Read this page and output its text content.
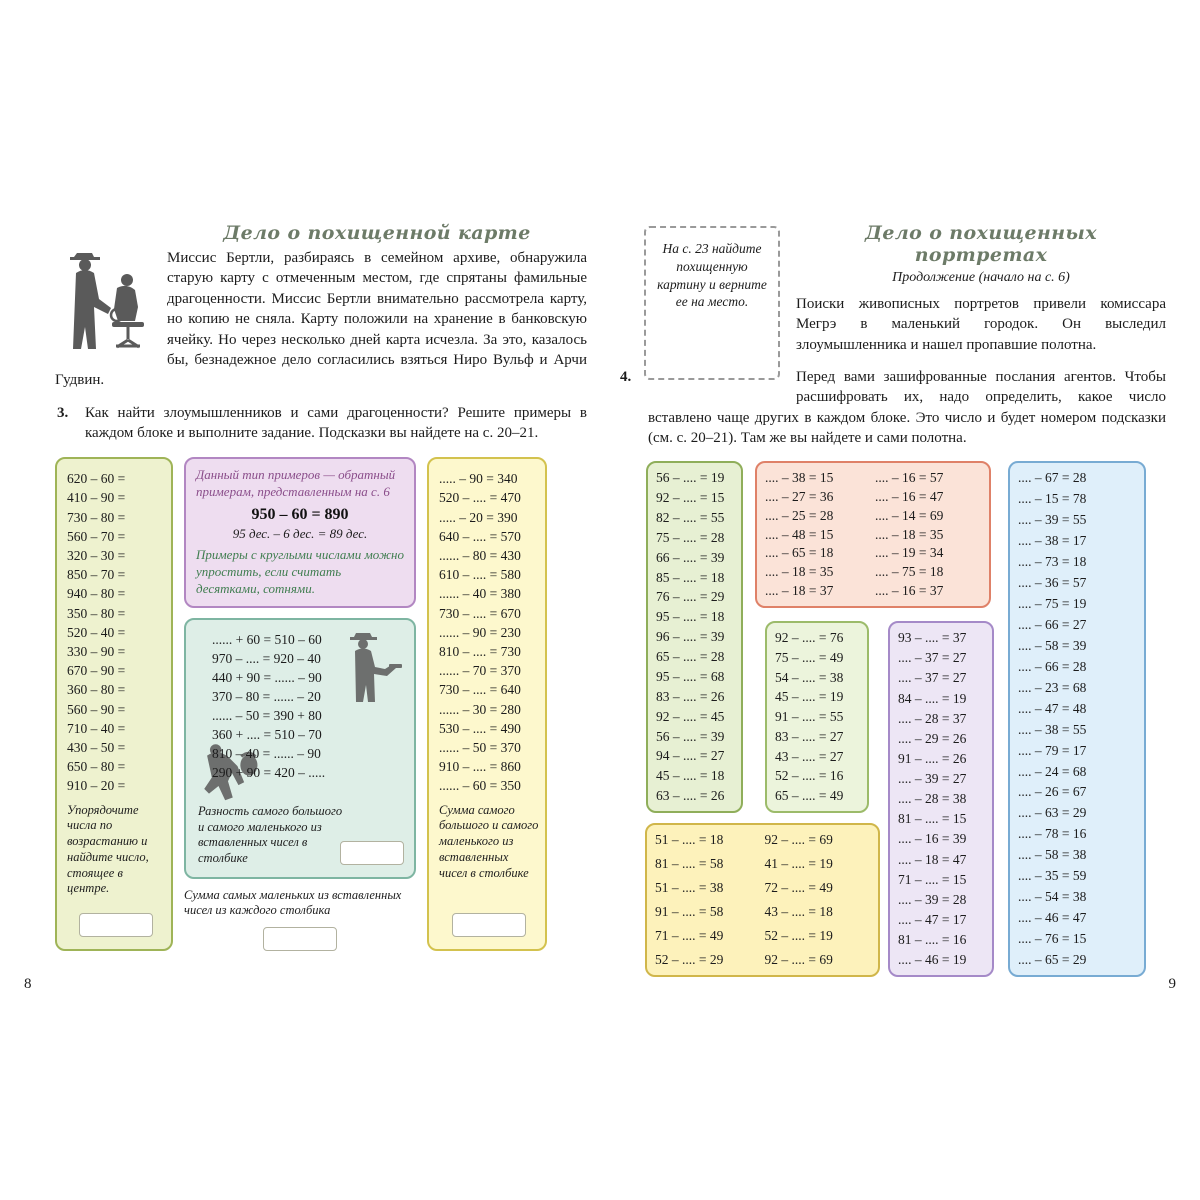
Дело о похищенной карте

Миссис Бертли, разбираясь в семейном архиве, обнаружила старую карту с отмеченным местом, где спрятаны фамильные драгоценности. Миссис Бертли внимательно рассмотрела карту, но копию не сняла. Карту положили на хранение в банковскую ячейку. Но через несколько дней карта исчезла. За это, казалось бы, безнадежное дело согласились взяться Ниро Вульф и Арчи Гудвин.

3. Как найти злоумышленников и сами драгоценности? Решите примеры в каждом блоке и выполните задание. Подсказки вы найдете на с. 20–21.
620 – 60 =
410 – 90 =
730 – 80 =
560 – 70 =
320 – 30 =
850 – 70 =
940 – 80 =
350 – 80 =
520 – 40 =
330 – 90 =
670 – 90 =
360 – 80 =
560 – 90 =
710 – 40 =
430 – 50 =
650 – 80 =
910 – 20 =
Упорядочите числа по возрастанию и найдите число, стоящее в центре.
Данный тип примеров — обратный примерам, представленным на с. 6
950 – 60 = 890
95 дес. – 6 дес. = 89 дес.
Примеры с круглыми числами можно упростить, если считать десятками, сотнями.
...... + 60 = 510 – 60
970 – .... = 920 – 40
440 + 90 = ...... – 90
370 – 80 = ...... – 20
...... – 50 = 390 + 80
360 + .... = 510 – 70
810 – 40 = ...... – 90
290 + 90 = 420 – .....
Разность самого большого и самого маленького из вставленных чисел в столбике
Сумма самых маленьких из вставленных чисел из каждого столбика
..... – 90 = 340
520 – .... = 470
..... – 20 = 390
640 – .... = 570
...... – 80 = 430
610 – .... = 580
...... – 40 = 380
730 – .... = 670
...... – 90 = 230
810 – .... = 730
...... – 70 = 370
730 – .... = 640
...... – 30 = 280
530 – .... = 490
...... – 50 = 370
910 – .... = 860
...... – 60 = 350
Сумма самого большого и самого маленького из вставленных чисел в столбике
На с. 23 найдите похищенную картину и верните ее на место.
Дело о похищенных портретах
Продолжение (начало на с. 6)

Поиски живописных портретов привели комиссара Мегрэ в маленький городок. Он выследил злоумышленника и нашел пропавшие полотна.

4.	Перед вами зашифрованные послания агентов. Чтобы расшифровать их, надо определить, какое число вставлено чаще других в каждом блоке. Это число и будет номером подсказки (см. с. 20–21). Там же вы найдете и сами полотна.
56 – .... = 19
92 – .... = 15
82 – .... = 55
75 – .... = 28
66 – .... = 39
85 – .... = 18
76 – .... = 29
95 – .... = 18
96 – .... = 39
65 – .... = 28
95 – .... = 68
83 – .... = 26
92 – .... = 45
56 – .... = 39
94 – .... = 27
45 – .... = 18
63 – .... = 26
.... – 38 = 15
.... – 27 = 36
.... – 25 = 28
.... – 48 = 15
.... – 65 = 18
.... – 18 = 35
.... – 18 = 37
.... – 16 = 57
.... – 16 = 47
.... – 14 = 69
.... – 18 = 35
.... – 19 = 34
.... – 75 = 18
.... – 16 = 37
92 – .... = 76
75 – .... = 49
54 – .... = 38
45 – .... = 19
91 – .... = 55
83 – .... = 27
43 – .... = 27
52 – .... = 16
65 – .... = 49
93 – .... = 37
.... – 37 = 27
.... – 37 = 27
84 – .... = 19
.... – 28 = 37
.... – 29 = 26
91 – .... = 26
.... – 39 = 27
.... – 28 = 38
81 – .... = 15
.... – 16 = 39
.... – 18 = 47
71 – .... = 15
.... – 39 = 28
.... – 47 = 17
81 – .... = 16
.... – 46 = 19
.... – 67 = 28
.... – 15 = 78
.... – 39 = 55
.... – 38 = 17
.... – 73 = 18
.... – 36 = 57
.... – 75 = 19
.... – 66 = 27
.... – 58 = 39
.... – 66 = 28
.... – 23 = 68
.... – 47 = 48
.... – 38 = 55
.... – 79 = 17
.... – 24 = 68
.... – 26 = 67
.... – 63 = 29
.... – 78 = 16
.... – 58 = 38
.... – 35 = 59
.... – 54 = 38
.... – 46 = 47
.... – 76 = 15
.... – 65 = 29
51 – .... = 18
81 – .... = 58
51 – .... = 38
91 – .... = 58
71 – .... = 49
52 – .... = 29
92 – .... = 69
41 – .... = 19
72 – .... = 49
43 – .... = 18
52 – .... = 19
92 – .... = 69
8	9
